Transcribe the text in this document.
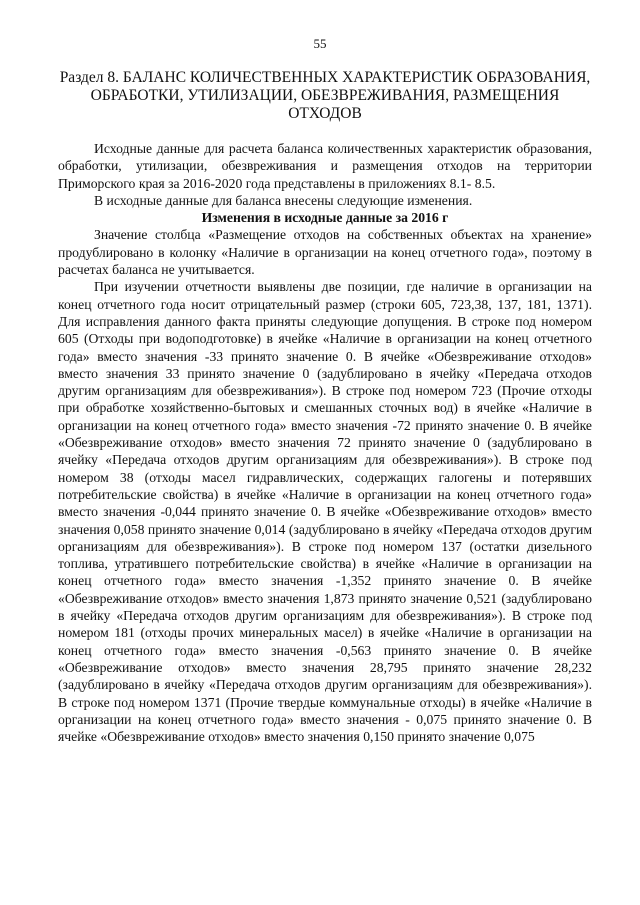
55
Раздел 8. БАЛАНС КОЛИЧЕСТВЕННЫХ ХАРАКТЕРИСТИК ОБРАЗОВАНИЯ, ОБРАБОТКИ, УТИЛИЗАЦИИ, ОБЕЗВРЕЖИВАНИЯ, РАЗМЕЩЕНИЯ ОТХОДОВ

Исходные данные для расчета баланса количественных характеристик образования, обработки, утилизации, обезвреживания и размещения отходов на территории Приморского края за 2016-2020 года представлены в приложениях 8.1- 8.5.

В исходные данные для баланса внесены следующие изменения.

Изменения в исходные данные за 2016 г

Значение столбца «Размещение отходов на собственных объектах на хранение» продублировано в колонку «Наличие в организации на конец отчетного года», поэтому в расчетах баланса не учитывается.

При изучении отчетности выявлены две позиции, где наличие в организации на конец отчетного года носит отрицательный размер (строки 605, 723,38, 137, 181, 1371). Для исправления данного факта приняты следующие допущения. В строке под номером 605 (Отходы при водоподготовке) в ячейке «Наличие в организации на конец отчетного года» вместо значения -33 принято значение 0. В ячейке «Обезвреживание отходов» вместо значения 33 принято значение 0 (задублировано в ячейку «Передача отходов другим организациям для обезвреживания»). В строке под номером 723 (Прочие отходы при обработке хозяйственно-бытовых и смешанных сточных вод) в ячейке «Наличие в организации на конец отчетного года» вместо значения -72 принято значение 0. В ячейке «Обезвреживание отходов» вместо значения 72 принято значение 0 (задублировано в ячейку «Передача отходов другим организациям для обезвреживания»). В строке под номером 38 (отходы масел гидравлических, содержащих галогены и потерявших потребительские свойства) в ячейке «Наличие в организации на конец отчетного года» вместо значения -0,044 принято значение 0. В ячейке «Обезвреживание отходов» вместо значения 0,058 принято значение 0,014 (задублировано в ячейку «Передача отходов другим организациям для обезвреживания»). В строке под номером 137 (остатки дизельного топлива, утратившего потребительские свойства) в ячейке «Наличие в организации на конец отчетного года» вместо значения -1,352 принято значение 0. В ячейке «Обезвреживание отходов» вместо значения 1,873 принято значение 0,521 (задублировано в ячейку «Передача отходов другим организациям для обезвреживания»). В строке под номером 181 (отходы прочих минеральных масел) в ячейке «Наличие в организации на конец отчетного года» вместо значения -0,563 принято значение 0. В ячейке «Обезвреживание отходов» вместо значения 28,795 принято значение 28,232 (задублировано в ячейку «Передача отходов другим организациям для обезвреживания»). В строке под номером 1371 (Прочие твердые коммунальные отходы) в ячейке «Наличие в организации на конец отчетного года» вместо значения - 0,075 принято значение 0. В ячейке «Обезвреживание отходов» вместо значения 0,150 принято значение 0,075
